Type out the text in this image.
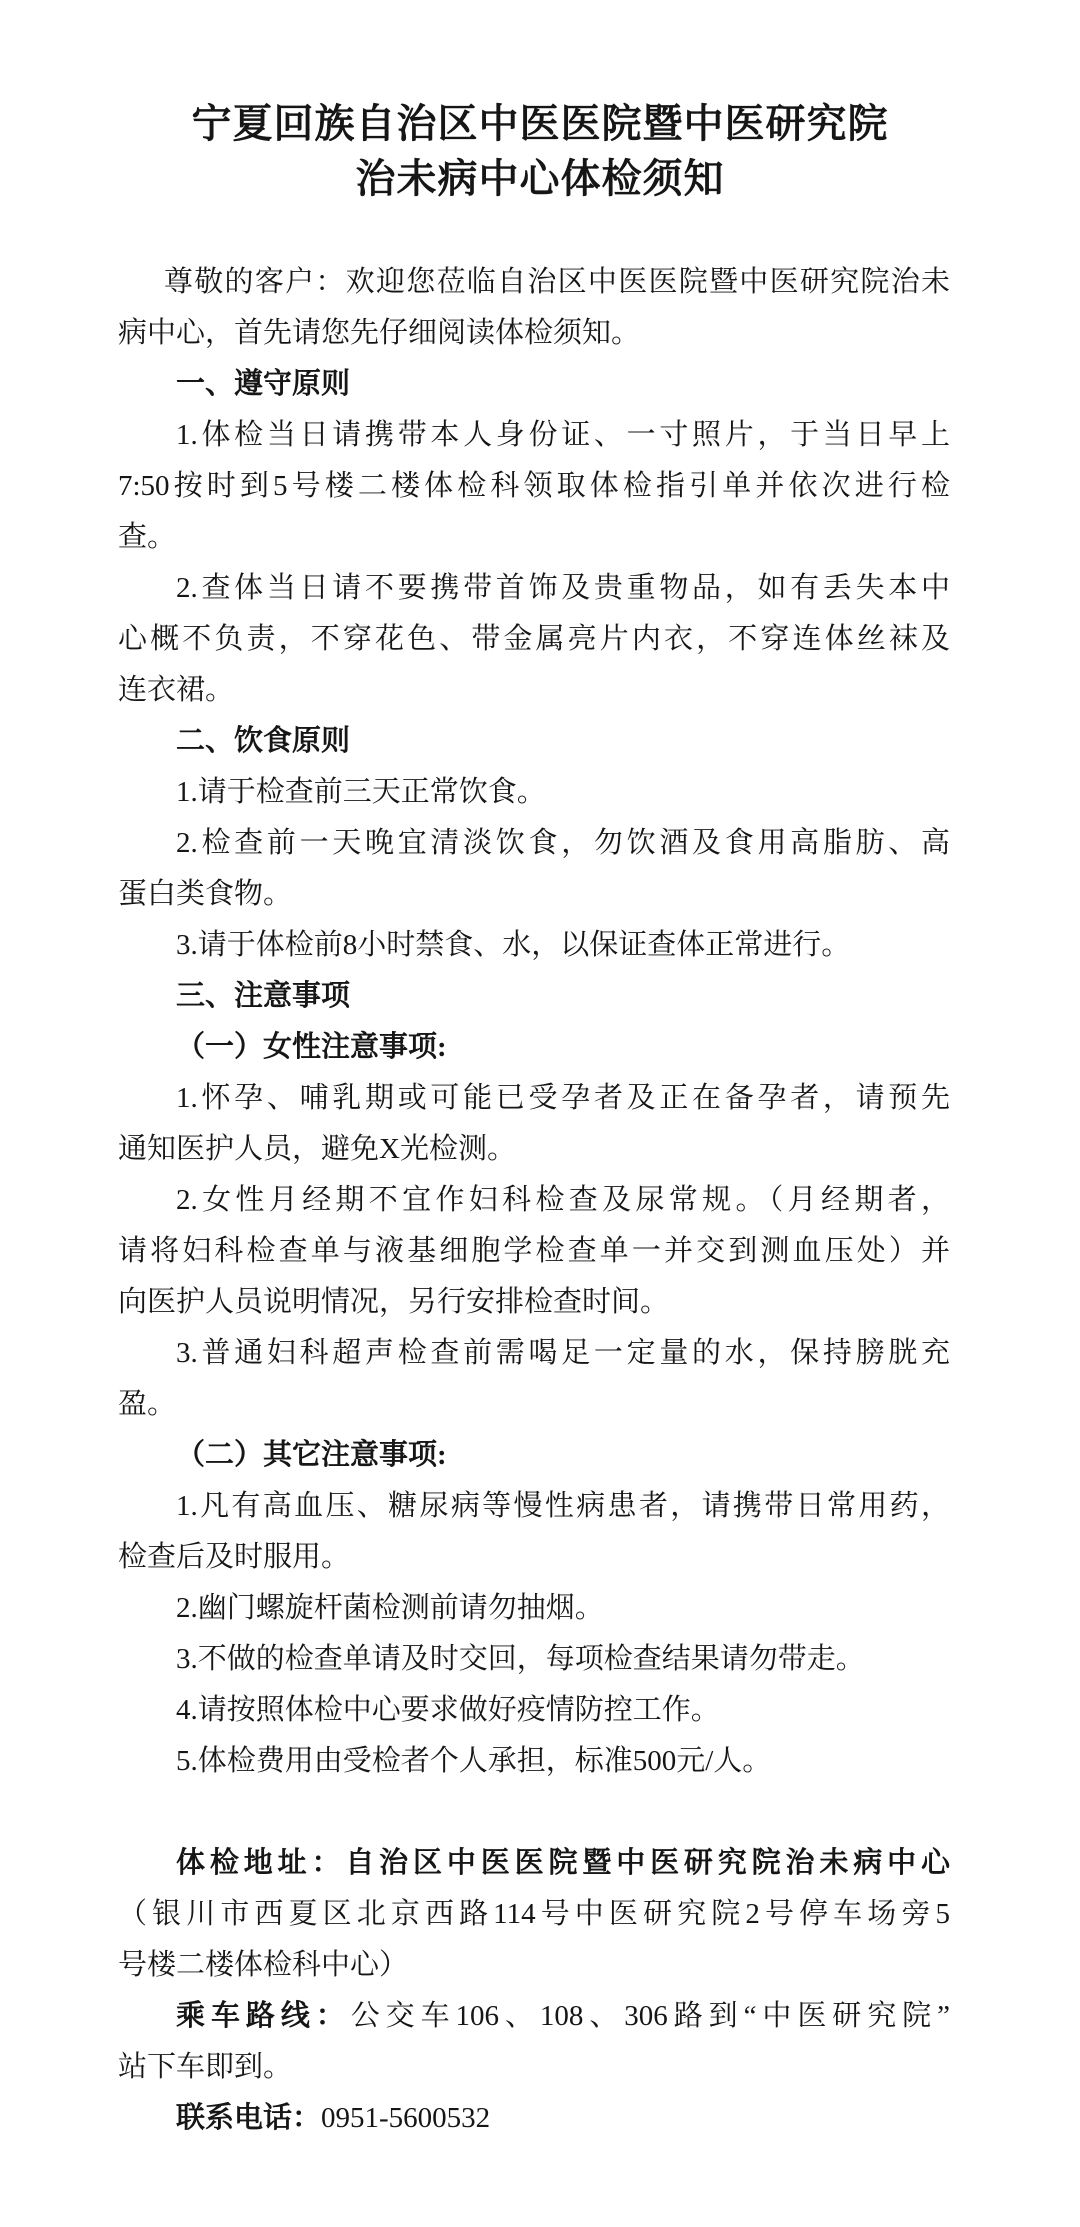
宁夏回族自治区中医医院暨中医研究院
治未病中心体检须知
尊敬的客户：欢迎您莅临自治区中医医院暨中医研究院治未
病中心，首先请您先仔细阅读体检须知。
一、遵守原则
1.体检当日请携带本人身份证、一寸照片，于当日早上
7:50按时到5号楼二楼体检科领取体检指引单并依次进行检
查。
2.查体当日请不要携带首饰及贵重物品，如有丢失本中
心概不负责，不穿花色、带金属亮片内衣，不穿连体丝袜及
连衣裙。
二、饮食原则
1.请于检查前三天正常饮食。
2.检查前一天晚宜清淡饮食，勿饮酒及食用高脂肪、高
蛋白类食物。
3.请于体检前8小时禁食、水，以保证查体正常进行。
三、注意事项
（一）女性注意事项:
1.怀孕、哺乳期或可能已受孕者及正在备孕者，请预先
通知医护人员，避免X光检测。
2.女性月经期不宜作妇科检查及尿常规。（月经期者，
请将妇科检查单与液基细胞学检查单一并交到测血压处）并
向医护人员说明情况，另行安排检查时间。
3.普通妇科超声检查前需喝足一定量的水，保持膀胱充
盈。
（二）其它注意事项:
1.凡有高血压、糖尿病等慢性病患者，请携带日常用药，
检查后及时服用。
2.幽门螺旋杆菌检测前请勿抽烟。
3.不做的检查单请及时交回，每项检查结果请勿带走。
4.请按照体检中心要求做好疫情防控工作。
5.体检费用由受检者个人承担，标准500元/人。
体检地址：自治区中医医院暨中医研究院治未病中心
（银川市西夏区北京西路114号中医研究院2号停车场旁5
号楼二楼体检科中心）
乘车路线：公交车106、108、306路到“中医研究院”
站下车即到。
联系电话：0951-5600532
